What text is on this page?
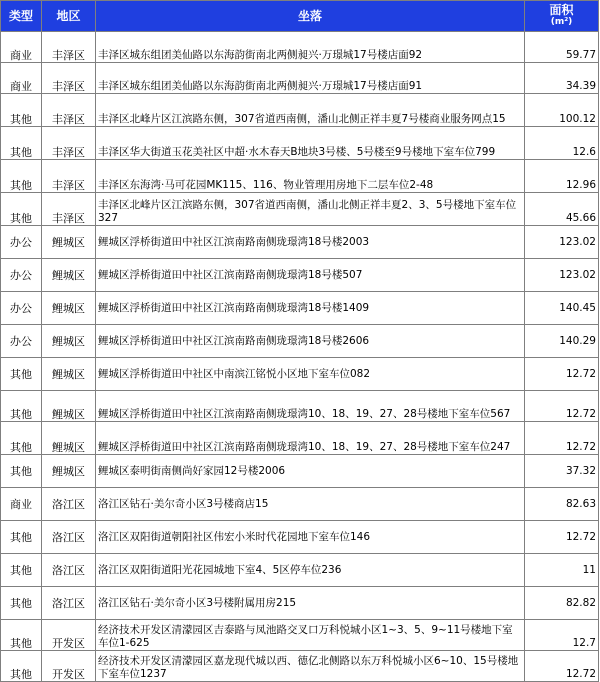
类型	地区	坐落	面积
(m²)

商业	丰泽区	丰泽区城东组团美仙路以东海韵街南北两侧昶兴·万璟城17号楼店面92	59.77
商业	丰泽区	丰泽区城东组团美仙路以东海韵街南北两侧昶兴·万璟城17号楼店面91	34.39
其他	丰泽区	丰泽区北峰片区江滨路东侧，307省道西南侧，潘山北侧正祥丰夏7号楼商业服务网点15	100.12
其他	丰泽区	丰泽区华大街道玉花美社区中超·水木春天B地块3号楼、5号楼至9号楼地下室车位799	12.6
其他	丰泽区	丰泽区东海湾·马可花园MK115、116、物业管理用房地下二层车位2-48	12.96
其他	丰泽区	丰泽区北峰片区江滨路东侧，307省道西南侧，潘山北侧正祥丰夏2、3、5号楼地下室车位327	45.66
办公	鲤城区	鲤城区浮桥街道田中社区江滨南路南侧珑璟湾18号楼2003	123.02
办公	鲤城区	鲤城区浮桥街道田中社区江滨南路南侧珑璟湾18号楼507	123.02
办公	鲤城区	鲤城区浮桥街道田中社区江滨南路南侧珑璟湾18号楼1409	140.45
办公	鲤城区	鲤城区浮桥街道田中社区江滨南路南侧珑璟湾18号楼2606	140.29
其他	鲤城区	鲤城区浮桥街道田中社区中南滨江铭悦小区地下室车位082	12.72
其他	鲤城区	鲤城区浮桥街道田中社区江滨南路南侧珑璟湾10、18、19、27、28号楼地下室车位567	12.72
其他	鲤城区	鲤城区浮桥街道田中社区江滨南路南侧珑璟湾10、18、19、27、28号楼地下室车位247	12.72
其他	鲤城区	鲤城区泰明街南侧尚好家园12号楼2006	37.32
商业	洛江区	洛江区钻石·美尔奇小区3号楼商店15	82.63
其他	洛江区	洛江区双阳街道朝阳社区伟宏小米时代花园地下室车位146	12.72
其他	洛江区	洛江区双阳街道阳光花园城地下室4、5区停车位236	11
其他	洛江区	洛江区钻石·美尔奇小区3号楼附属用房215	82.82
其他	开发区	经济技术开发区清濛园区吉泰路与凤池路交叉口万科悦城小区1~3、5、9~11号楼地下室车位1-625	12.7
其他	开发区	经济技术开发区清濛园区嘉龙现代城以西、德亿北侧路以东万科悦城小区6~10、15号楼地下室车位1237	12.72
